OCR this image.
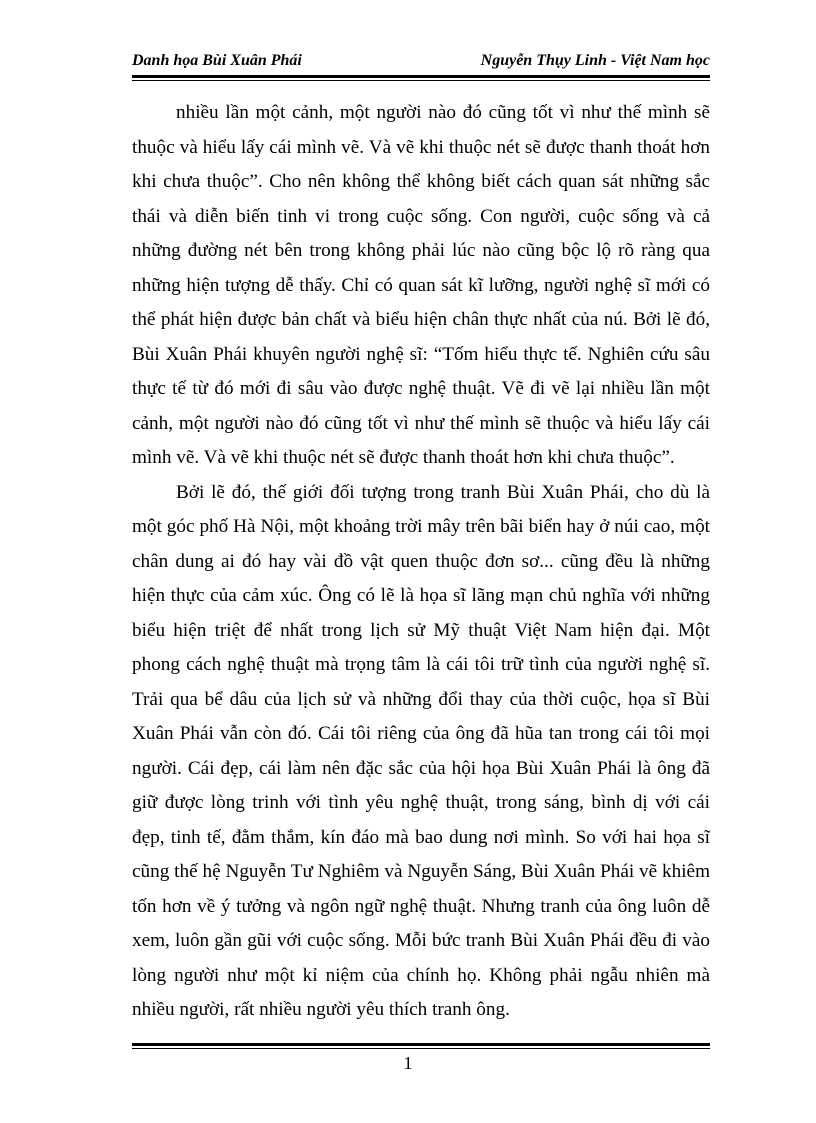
Danh họa Bùi Xuân Phái	Nguyễn Thụy Linh - Việt Nam học

nhiều lần một cảnh, một người nào đó cũng tốt vì như thế mình sẽ thuộc và hiểu lấy cái mình vẽ. Và vẽ khi thuộc nét sẽ được thanh thoát hơn khi chưa thuộc”. Cho nên không thể không biết cách quan sát những sắc thái và diễn biến tinh vi trong cuộc sống. Con người, cuộc sống và cả những đường nét bên trong không phải lúc nào cũng bộc lộ rõ ràng qua những hiện tượng dễ thấy. Chỉ có quan sát kĩ lưỡng, người nghệ sĩ mới có thể phát hiện được bản chất và biểu hiện chân thực nhất của nú. Bởi lẽ đó, Bùi Xuân Phái khuyên người nghệ sĩ: “Tốm hiểu thực tế. Nghiên cứu sâu thực tế từ đó mới đi sâu vào được nghệ thuật. Vẽ đi vẽ lại nhiều lần một cảnh, một người nào đó cũng tốt vì như thế mình sẽ thuộc và hiểu lấy cái mình vẽ. Và vẽ khi thuộc nét sẽ được thanh thoát hơn khi chưa thuộc”.

Bởi lẽ đó, thế giới đối tượng trong tranh Bùi Xuân Phái, cho dù là một góc phố Hà Nội, một khoảng trời mây trên bãi biển hay ở núi cao, một chân dung ai đó hay vài đồ vật quen thuộc đơn sơ... cũng đều là những hiện thực của cảm xúc. Ông có lẽ là họa sĩ lãng mạn chủ nghĩa với những biểu hiện triệt để nhất trong lịch sử Mỹ thuật Việt Nam hiện đại. Một phong cách nghệ thuật mà trọng tâm là cái tôi trữ tình của người nghệ sĩ. Trải qua bể dâu của lịch sử và những đổi thay của thời cuộc, họa sĩ Bùi Xuân Phái vẫn còn đó. Cái tôi riêng của ông đã hũa tan trong cái tôi mọi người. Cái đẹp, cái làm nên đặc sắc của hội họa Bùi Xuân Phái là ông đã giữ được lòng trinh với tình yêu nghệ thuật, trong sáng, bình dị với cái đẹp, tinh tế, đằm thắm, kín đáo mà bao dung nơi mình. So với hai họa sĩ cũng thế hệ Nguyễn Tư Nghiêm và Nguyễn Sáng, Bùi Xuân Phái vẽ khiêm tốn hơn về ý tưởng và ngôn ngữ nghệ thuật. Nhưng tranh của ông luôn dễ xem, luôn gần gũi với cuộc sống. Mỗi bức tranh Bùi Xuân Phái đều đi vào lòng người như một kỉ niệm của chính họ. Không phải ngẫu nhiên mà nhiều người, rất nhiều người yêu thích tranh ông.

1
